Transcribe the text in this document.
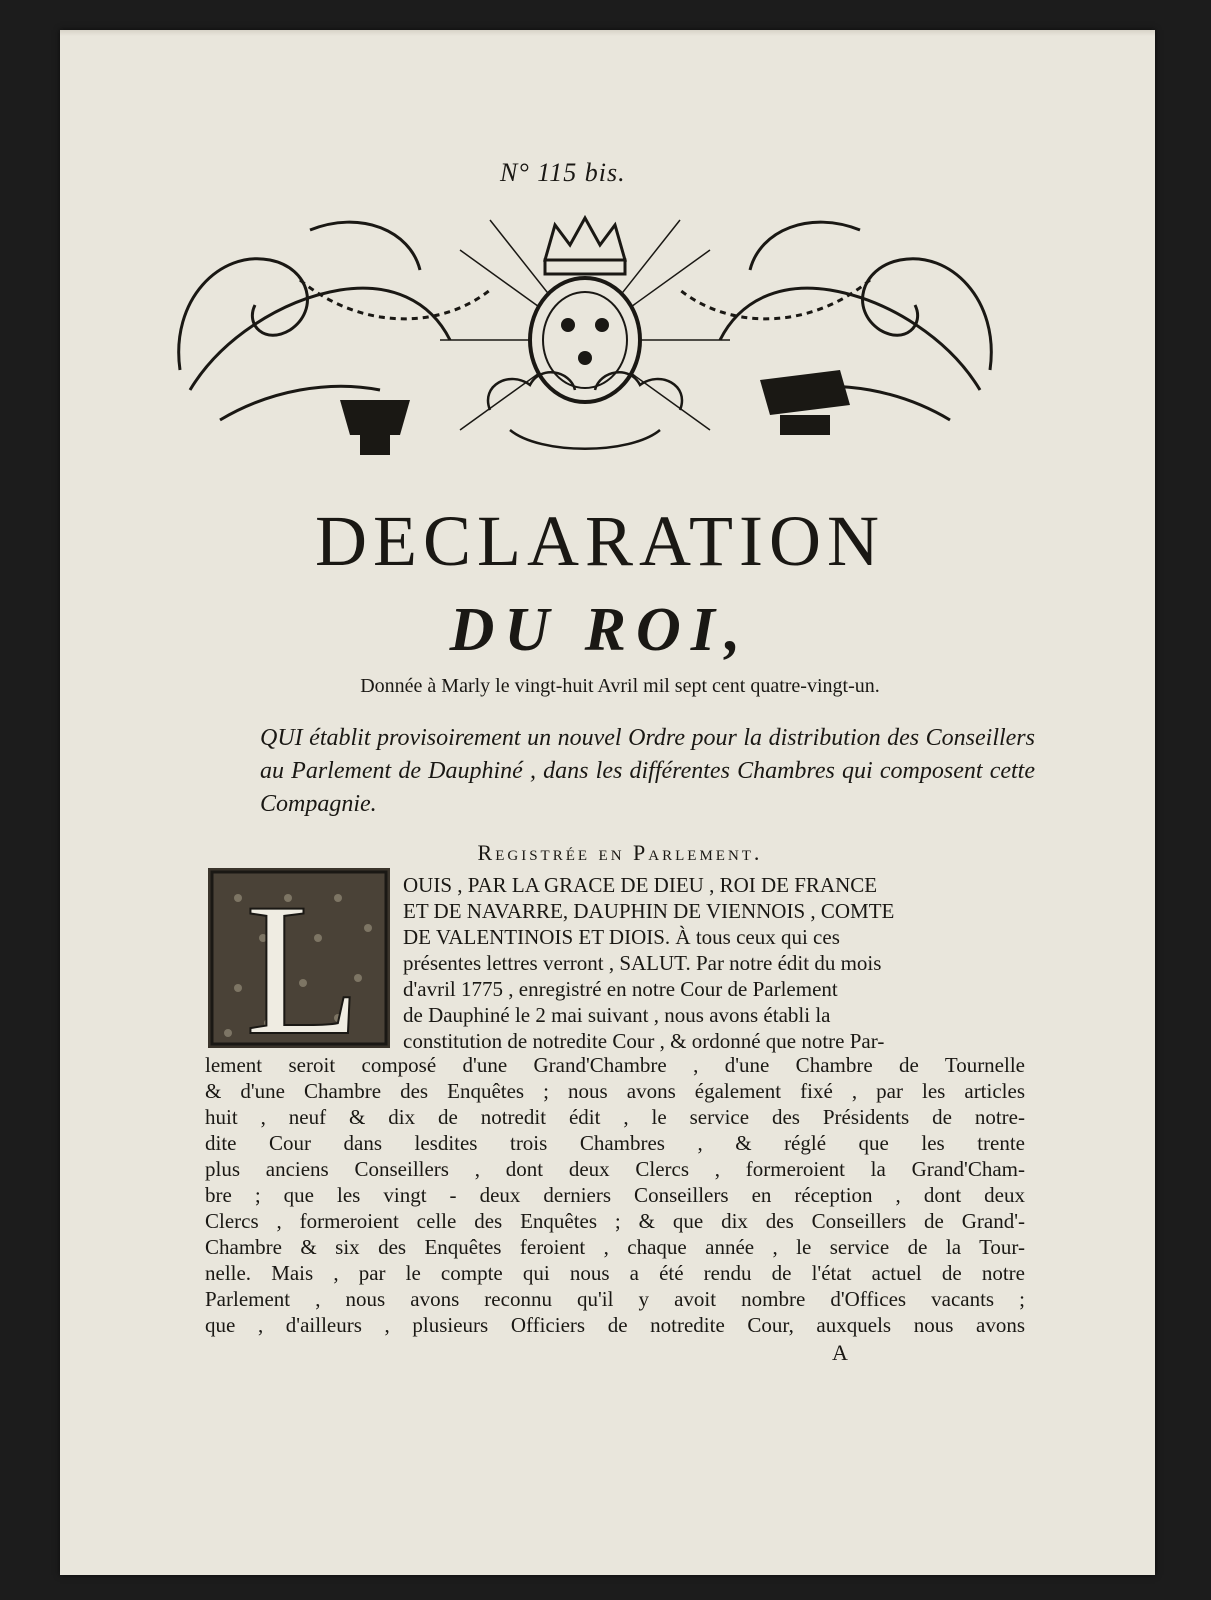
N° 115 bis.
DECLARATION
DU ROI,
Donnée à Marly le vingt-huit Avril mil sept cent quatre-vingt-un.
QUI établit provisoirement un nouvel Ordre pour la distribution des Conseillers au Parlement de Dauphiné , dans les différentes Chambres qui composent cette Compagnie.
Registrée en Parlement.
L OUIS , PAR LA GRACE DE DIEU , ROI DE FRANCE
ET DE NAVARRE, DAUPHIN DE VIENNOIS , COMTE
DE VALENTINOIS ET DIOIS. À tous ceux qui ces
présentes lettres verront , SALUT. Par notre édit du mois
d'avril 1775 , enregistré en notre Cour de Parlement
de Dauphiné le 2 mai suivant , nous avons établi la
constitution de notredite Cour , & ordonné que notre Par-
lement seroit composé d'une Grand'Chambre , d'une Chambre de Tournelle
& d'une Chambre des Enquêtes ; nous avons également fixé , par les articles
huit , neuf & dix de notredit édit , le service des Présidents de notre-
dite Cour dans lesdites trois Chambres , & réglé que les trente
plus anciens Conseillers , dont deux Clercs , formeroient la Grand'Cham-
bre ; que les vingt - deux derniers Conseillers en réception , dont deux
Clercs , formeroient celle des Enquêtes ; & que dix des Conseillers de Grand'-
Chambre & six des Enquêtes feroient , chaque année , le service de la Tour-
nelle. Mais , par le compte qui nous a été rendu de l'état actuel de notre
Parlement , nous avons reconnu qu'il y avoit nombre d'Offices vacants ;
que , d'ailleurs , plusieurs Officiers de notredite Cour, auxquels nous avons
A
